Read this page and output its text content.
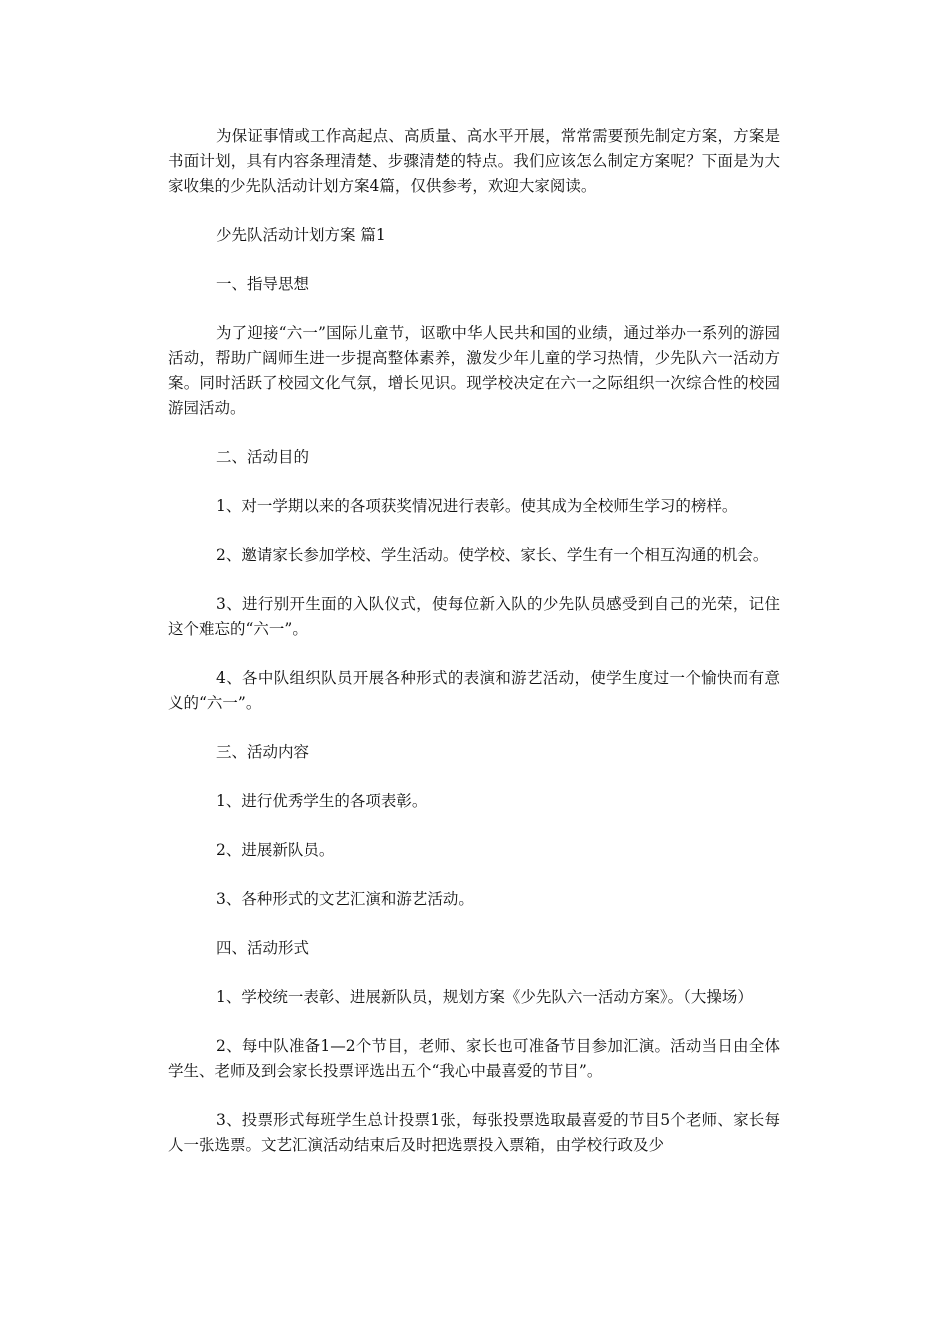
为保证事情或工作高起点、高质量、高水平开展，常常需要预先制定方案，方案是书面计划，具有内容条理清楚、步骤清楚的特点。我们应该怎么制定方案呢？下面是为大家收集的少先队活动计划方案4篇，仅供参考，欢迎大家阅读。

少先队活动计划方案 篇1

一、指导思想

为了迎接“六一”国际儿童节，讴歌中华人民共和国的业绩，通过举办一系列的游园活动，帮助广阔师生进一步提高整体素养，激发少年儿童的学习热情，少先队六一活动方案。同时活跃了校园文化气氛，增长见识。现学校决定在六一之际组织一次综合性的校园游园活动。

二、活动目的

1、对一学期以来的各项获奖情况进行表彰。使其成为全校师生学习的榜样。

2、邀请家长参加学校、学生活动。使学校、家长、学生有一个相互沟通的机会。

3、进行别开生面的入队仪式，使每位新入队的少先队员感受到自己的光荣，记住这个难忘的“六一”。

4、各中队组织队员开展各种形式的表演和游艺活动，使学生度过一个愉快而有意义的“六一”。

三、活动内容

1、进行优秀学生的各项表彰。

2、进展新队员。

3、各种形式的文艺汇演和游艺活动。

四、活动形式

1、学校统一表彰、进展新队员，规划方案《少先队六一活动方案》。（大操场）

2、每中队准备1—2个节目，老师、家长也可准备节目参加汇演。活动当日由全体学生、老师及到会家长投票评选出五个“我心中最喜爱的节目”。

3、投票形式每班学生总计投票1张，每张投票选取最喜爱的节目5个老师、家长每人一张选票。文艺汇演活动结束后及时把选票投入票箱，由学校行政及少
